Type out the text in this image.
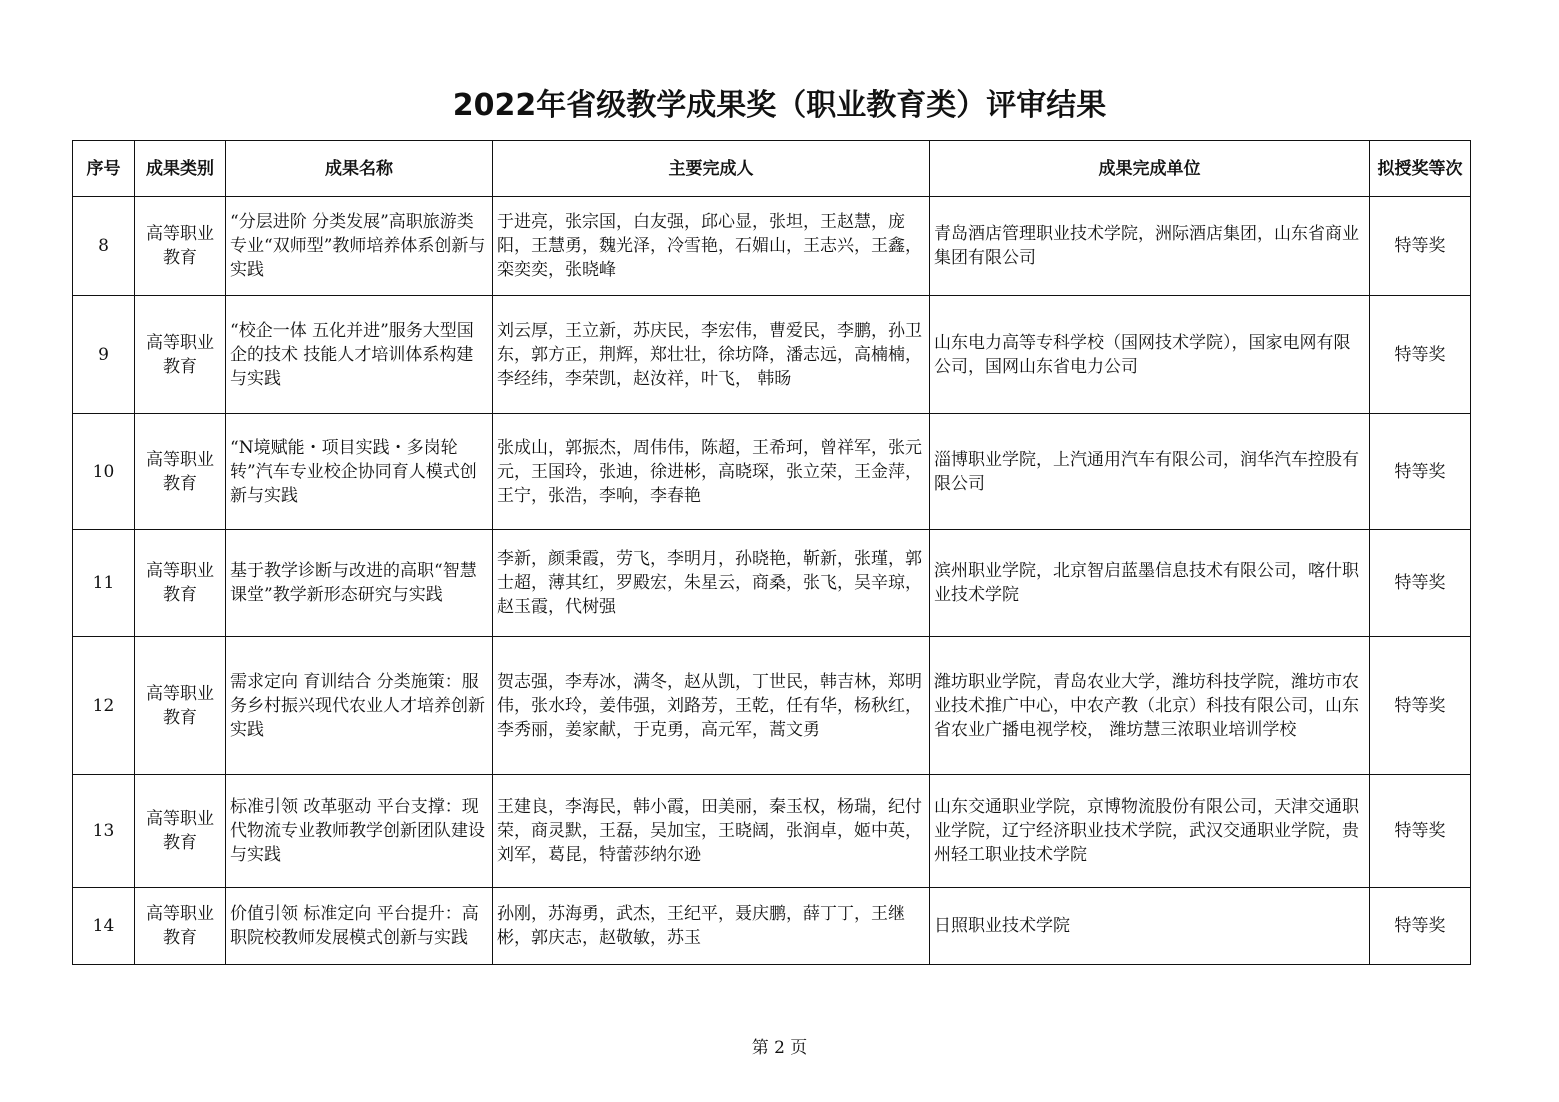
2022年省级教学成果奖（职业教育类）评审结果
序号	成果类别	成果名称	主要完成人	成果完成单位	拟授奖等次
8	高等职业教育	“分层进阶 分类发展”高职旅游类专业“双师型”教师培养体系创新与实践	于进亮，张宗国，白友强，邱心显，张坦，王赵慧，庞阳，王慧勇，魏光泽，冷雪艳，石媚山，王志兴，王鑫，栾奕奕，张晓峰	青岛酒店管理职业技术学院，洲际酒店集团，山东省商业集团有限公司	特等奖
9	高等职业教育	“校企一体 五化并进”服务大型国企的技术 技能人才培训体系构建与实践	刘云厚，王立新，苏庆民，李宏伟，曹爱民，李鹏，孙卫东，郭方正，荆辉，郑壮壮，徐坊降，潘志远，高楠楠，李经纬，李荣凯，赵汝祥，叶飞， 韩旸	山东电力高等专科学校（国网技术学院），国家电网有限公司，国网山东省电力公司	特等奖
10	高等职业教育	“N境赋能・项目实践・多岗轮转”汽车专业校企协同育人模式创新与实践	张成山，郭振杰，周伟伟，陈超，王希珂，曾祥军，张元元，王国玲，张迪，徐进彬，高晓琛，张立荣，王金萍，王宁，张浩，李响，李春艳	淄博职业学院，上汽通用汽车有限公司，润华汽车控股有限公司	特等奖
11	高等职业教育	基于教学诊断与改进的高职“智慧课堂”教学新形态研究与实践	李新，颜秉霞，劳飞，李明月，孙晓艳，靳新，张瑾，郭士超，薄其红，罗殿宏，朱星云，商桑，张飞，吴辛琼，赵玉霞，代树强	滨州职业学院，北京智启蓝墨信息技术有限公司，喀什职业技术学院	特等奖
12	高等职业教育	需求定向 育训结合 分类施策：服务乡村振兴现代农业人才培养创新实践	贺志强，李寿冰，满冬，赵从凯，丁世民，韩吉林，郑明伟，张水玲，姜伟强，刘路芳，王乾，任有华，杨秋红，李秀丽，姜家献，于克勇，高元军，蒿文勇	潍坊职业学院，青岛农业大学，潍坊科技学院，潍坊市农业技术推广中心，中农产教（北京）科技有限公司，山东省农业广播电视学校， 潍坊慧三浓职业培训学校	特等奖
13	高等职业教育	标准引领 改革驱动 平台支撑：现代物流专业教师教学创新团队建设与实践	王建良，李海民，韩小霞，田美丽，秦玉权，杨瑞，纪付荣，商灵默，王磊，吴加宝，王晓阔，张润卓，姬中英，刘军，葛昆，特蕾莎纳尔逊	山东交通职业学院，京博物流股份有限公司，天津交通职业学院，辽宁经济职业技术学院，武汉交通职业学院，贵州轻工职业技术学院	特等奖
14	高等职业教育	价值引领 标准定向 平台提升：高职院校教师发展模式创新与实践	孙刚，苏海勇，武杰，王纪平，聂庆鹏，薛丁丁，王继彬，郭庆志，赵敬敏，苏玉	日照职业技术学院	特等奖
第 2 页
